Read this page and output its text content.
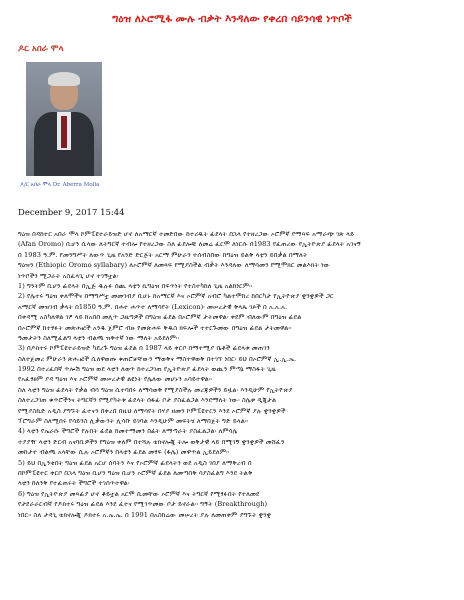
ግዕዝ ለኦሮሚፋ ሙሉ ብቃት እንዳለው የቀረበ ሳይንሳዊ ነጥቦች
ዶር አበራ ሞላ
ዶ/ር አበራ ሞላ Dr. Aberra Molla
December 9, 2017 15:44
ግዕዝ በዳከተር አበራ ሞላ ኮምፒዩተራይዝድ ሆኖ ለአማርኛ ተመድበው ከተሪዱት ፊደላት በኋላ የተዘረጋው ኦሮምኛ የማጻፍ አማራጭ ገጽ ላይ
(Afan Oromo) ቢሆን ሲላው ለትግርኛ ተብሎ የተዘረጋው ስለ ፊደሎቹ ለመሬ ፈርሞ ለነርሱ በ1983 የፈጠረው የኢትዮጵያ ፊደላት አገናኝ
በ 1983 ዓ.ም. የመንግሥት ለውጥ ጊዜ የአንድ ድርጅት አርማ ምሁራን ተሰብስበው ከግዕዝ ይልቅ ላቲን ይበቃል በማለት
ግዕዝን (Ethiopic Oromo syllabary) ለኦሮምኛ ለመጻፍ የሚያስችል ብቃት እንዳለው ለማሳመን የሚሞክር መልእክት ነው
ነጥቦችን ሚጋራት አስፈላጊ ሆኖ ተገኝቷል፡
1) ግንትም ቢሆን ፊደላት በኢጅ ዱሉፉ ሰጪ ላቲን ኪግዕዝ በፍጥነት የተስተካከለ ጊዜ አልከነርም፡፡
2) የሌተሩ ግዕዝ ቀለሞችና በማግሥቷ መመገብያ ቢሆኑ ከአማርኛ እና ኦሮምኛ አብሮ ካልተሞከረ ከበርካታ የኢትዮጵያ ቋንቋዎች ጋር
አማርኛ መዝገብ ቃላት በ1850 ዓ.ም. በሐተ ሐጥተ ለማሳየት (Lexicon)፡ መሠረታዊ ቅላጼ ገጾች በ አ.አ.አ.
በቀዳሚ አስካለዋል ገፆ ላይ ከአበበ መሊጥ ጋዜጣዎች በግዕዝ ፊደል በኦሮምኛ ታትመዋል፡ ቀደም ብለውም በግዕዝ ፊደል
በኦሮምኛ ከተፃፉት መጽሐፎች አንዱ ጀምሮ ብዙ የመጽሐፍ ቅዱስ ክፍሎች ተተርጉመው በግዕዝ ፊደል ታትመዋል።
ዓመታትን ስለሚፈልግ ላቲን ብልጫ ዝቅተኛ ነው ማለት አይደለም፡፡
3) በዶክተሩ ኮምፒዩተራይዝድ ካደረጉ ግዕዝ ፊደል በ 1987 ላይ ቀርቦ በማተሚያ ቤቶች ፊደላቱ መጠገን
ስለተጀመረ ምሁራን ጽሑፎች ሲለዋወጡ ቁጠሮቻቸውን ማወቅና ማስተዋወቅ በተገኘ ነበር፡ ይህ በኦሮምኛ ኢ.ኢ.ኤ.
1992 በተረፈበኛ ጥሎሽ ግዕዝ ወደ ላቲን ለወጥ ከተረጋገጠ የኢትዮጵያ ፊደላት ወጪን ምጣኔ ማስፋት ጊዜ
የአፈፃፀም ያዳ ግዕዝ እና ኦሮምኛ መሠረታዊ ልዩነት የሌለው መሆኑን አሳይተዋል።
ስለ ላቲን ግዕዝ ፊደላት የቃል ብሳ ግዕዝ ሲተባበሩ ለማሳወቅ የሚያስችሉ መረጃዎችን ይዟል፡ እንዲሁም የኢትዮጵያ
ስለተረጋገጠ ቁጥሮችንና ትግርኛን የሚያካትቱ ፊደላት ሰፋፊ ቦታ ያስፈልጋል እንደማለት ነው፡ ስሌቱ ዲጂታል
የሚያስኬድ አዲስ ያግኙት ፈተናን በቀረበ በዚህ ለማሳየት በሃያ ዘመን ኮምፒዩተርን እንደ ኦሮምኛ ያሉ ቋንቋዎች
ፕሮግራም ስለሚሰሩ የሳይንስ ሊቃውንት ሊሳቡ ይገባል እንዲሁም መፍትሄ ለማበጀት ግድ ይላል።
4) ላቲን የኤራሱ ችግሮች የሉበት ፊደል ከመተማመን በፊት ለማጣራት ያስፈልጋል፡ ለምሳሌ
ተያያዥ ላቲን ድርብ አናባቢዎችን የግዕዝ ቀለም በተሻሉ ቴክኖሎጂ ትሎ ወቅታዊ ላይ በሚገኝ ቋንቋዎች መሸፈን
መከታተ ብልጫ አላቸው ሲሉ ኦሮምኛን በላቲን ፊደል መፃፍ (ፋሌ) መዋጥል ኢይደለም፡፡
5) ይህ በኢንቂበት ግዕዝ ፊደል አርሆ ሰባትን እና የኦሮምኛ ፊደላትን ወደ አዲስ ገበያ ለማቅረብ በ
በኮምፒዩተር ቀርቦ በኋላ ግዕዝ ቢሆን ግዕዝ ቢሆን ኦሮምኛ ፊደል ለመጣበቅ ሳያስፈልግ እንደ ትልቅ
ላቲን ከለንቅ የተፈጠሩት ችግሮች ተገሰጥተዋል፡
6) ግዕዝ የኢትዮጵያ መጻፊያ ሆኖ ቆይቷል አርሞ ሲመቸው ኦሮምኛ እና ትግርኛ የሚፃፉበት የተለመደ
የታደራራርብኛ የዶክተሩ ግዕዝ ፊደል እንደ ፈተና የሚገጥመው ቦታ ይኖራል፡፡ ግኝት (Breakthrough)
ነበር። ስለ ታዳጊ ቴክኖሎጂ ዶክተሩ አ.ኤ.ኤ. በ 1991 በአስከሬው መሠረት ያሉ ለመጠቀም ያግኙት ቋንቋ
